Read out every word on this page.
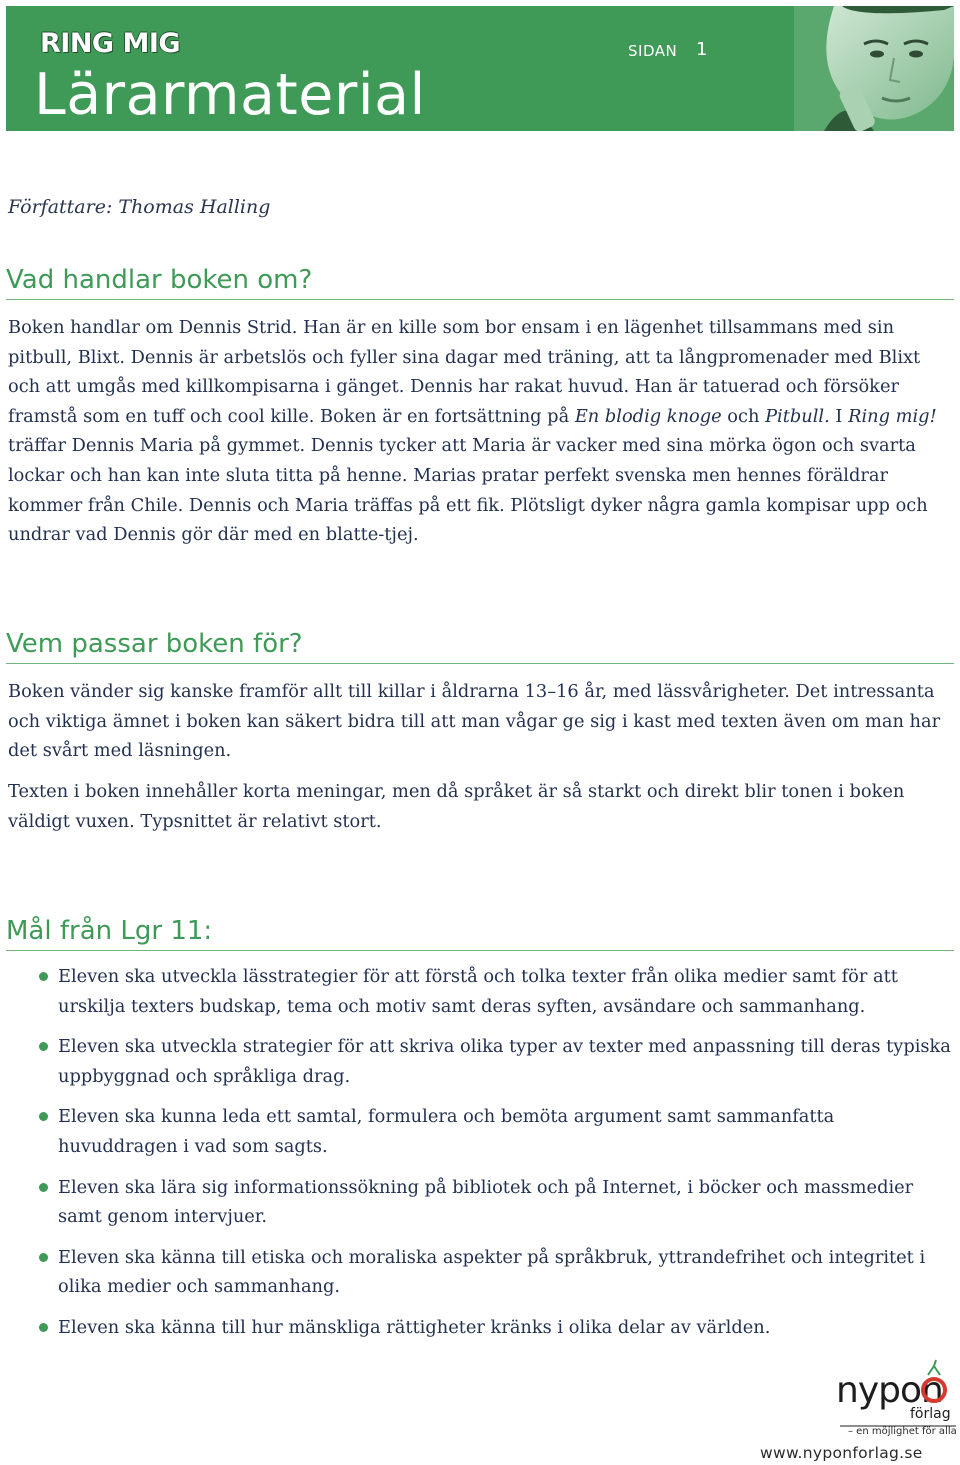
RING MIG
Lärarmaterial
SIDAN 1

Författare: Thomas Halling

Vad handlar boken om?

Boken handlar om Dennis Strid. Han är en kille som bor ensam i en lägenhet tillsammans med sin pitbull, Blixt. Dennis är arbetslös och fyller sina dagar med träning, att ta långpromenader med Blixt och att umgås med killkompisarna i gänget. Dennis har rakat huvud. Han är tatuerad och försöker framstå som en tuff och cool kille. Boken är en fortsättning på En blodig knoge och Pitbull. I Ring mig! träffar Dennis Maria på gymmet. Dennis tycker att Maria är vacker med sina mörka ögon och svarta lockar och han kan inte sluta titta på henne. Marias pratar perfekt svenska men hennes föräldrar kommer från Chile. Dennis och Maria träffas på ett fik. Plötsligt dyker några gamla kompisar upp och undrar vad Dennis gör där med en blatte-tjej.

Vem passar boken för?

Boken vänder sig kanske framför allt till killar i åldrarna 13–16 år, med lässvårigheter. Det intressanta och viktiga ämnet i boken kan säkert bidra till att man vågar ge sig i kast med texten även om man har det svårt med läsningen.

Texten i boken innehåller korta meningar, men då språket är så starkt och direkt blir tonen i boken väldigt vuxen. Typsnittet är relativt stort.

Mål från Lgr 11:
Eleven ska utveckla lässtrategier för att förstå och tolka texter från olika medier samt för att urskilja texters budskap, tema och motiv samt deras syften, avsändare och sammanhang.
Eleven ska utveckla strategier för att skriva olika typer av texter med anpassning till deras typiska uppbyggnad och språkliga drag.
Eleven ska kunna leda ett samtal, formulera och bemöta argument samt sammanfatta huvuddragen i vad som sagts.
Eleven ska lära sig informationssökning på bibliotek och på Internet, i böcker och massmedier samt genom intervjuer.
Eleven ska känna till etiska och moraliska aspekter på språkbruk, yttrandefrihet och integritet i olika medier och sammanhang.
Eleven ska känna till hur mänskliga rättigheter kränks i olika delar av världen.
nypon
förlag
– en möjlighet för alla
www.nyponforlag.se
